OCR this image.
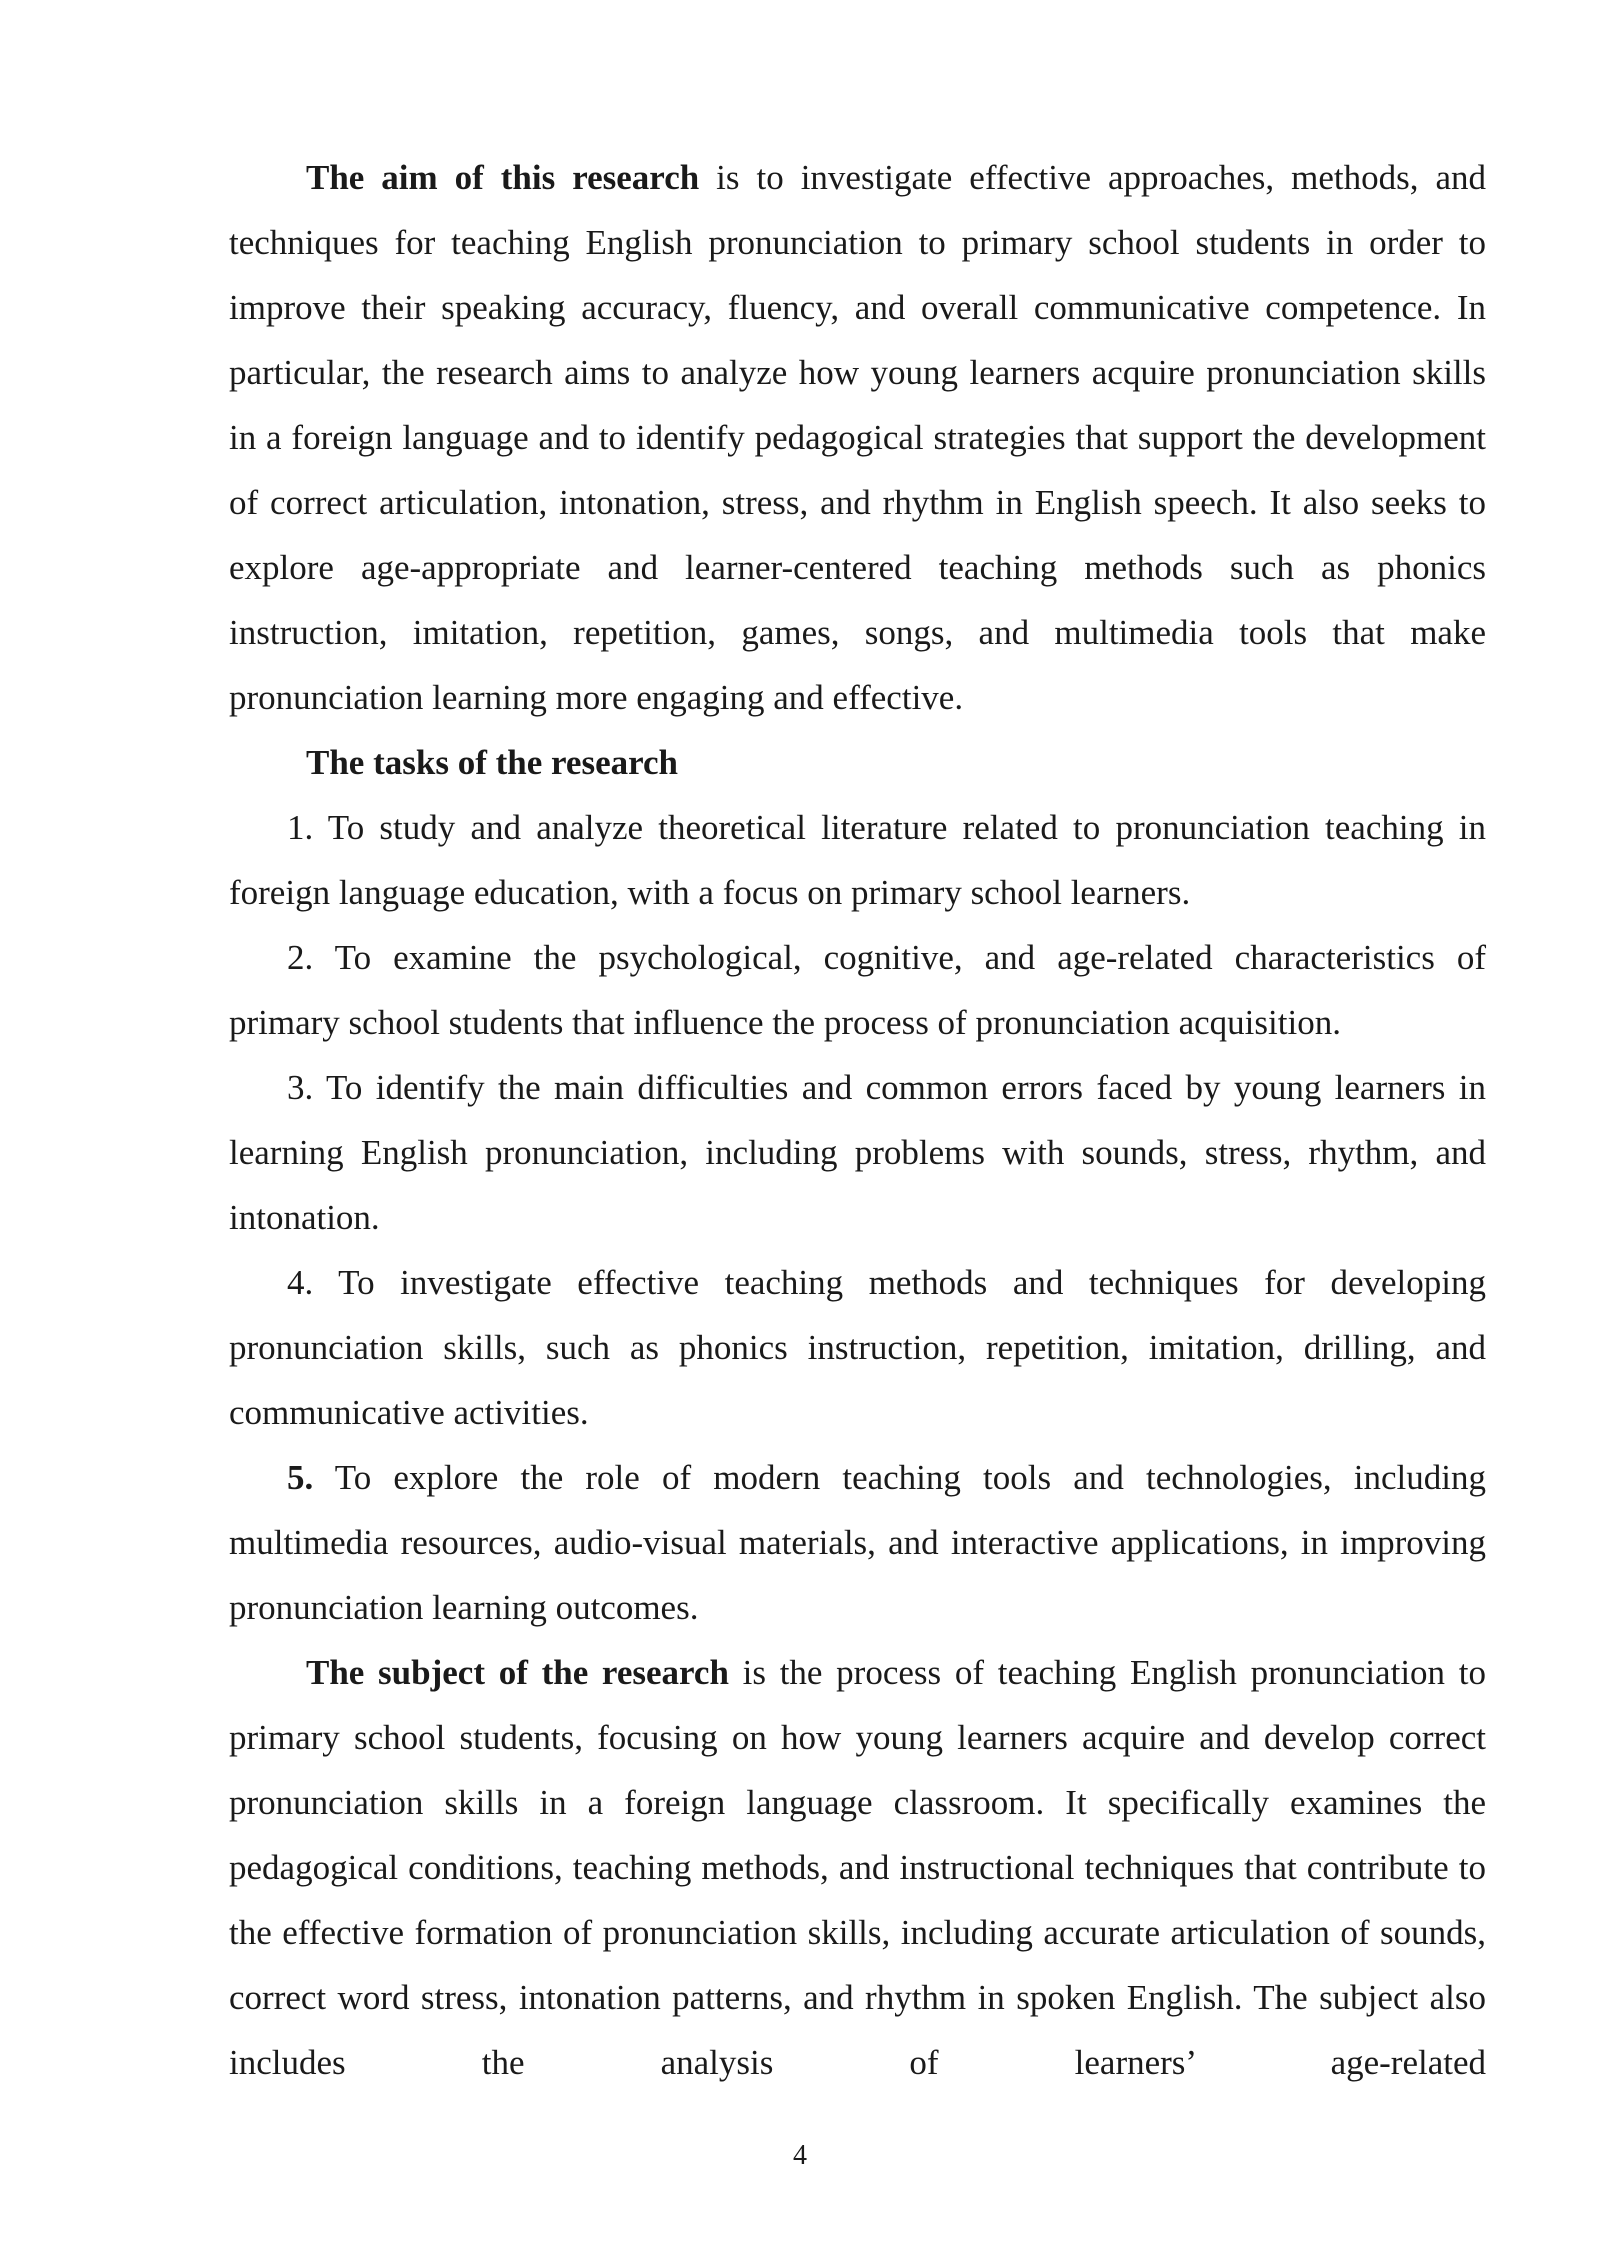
The aim of this research is to investigate effective approaches, methods, and techniques for teaching English pronunciation to primary school students in order to improve their speaking accuracy, fluency, and overall communicative competence. In particular, the research aims to analyze how young learners acquire pronunciation skills in a foreign language and to identify pedagogical strategies that support the development of correct articulation, intonation, stress, and rhythm in English speech. It also seeks to explore age-appropriate and learner-centered teaching methods such as phonics instruction, imitation, repetition, games, songs, and multimedia tools that make pronunciation learning more engaging and effective.

The tasks of the research

1. To study and analyze theoretical literature related to pronunciation teaching in foreign language education, with a focus on primary school learners.

2. To examine the psychological, cognitive, and age-related characteristics of primary school students that influence the process of pronunciation acquisition.

3. To identify the main difficulties and common errors faced by young learners in learning English pronunciation, including problems with sounds, stress, rhythm, and intonation.

4. To investigate effective teaching methods and techniques for developing pronunciation skills, such as phonics instruction, repetition, imitation, drilling, and communicative activities.

5. To explore the role of modern teaching tools and technologies, including multimedia resources, audio-visual materials, and interactive applications, in improving pronunciation learning outcomes.

The subject of the research is the process of teaching English pronunciation to primary school students, focusing on how young learners acquire and develop correct pronunciation skills in a foreign language classroom. It specifically examines the pedagogical conditions, teaching methods, and instructional techniques that contribute to the effective formation of pronunciation skills, including accurate articulation of sounds, correct word stress, intonation patterns, and rhythm in spoken English. The subject also includes the analysis of learners’ age-related

4
